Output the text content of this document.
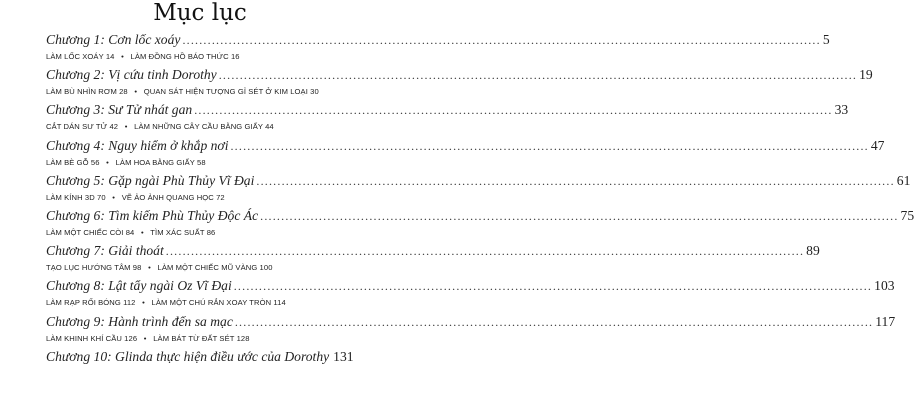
Mục lục
Chương 1: Cơn lốc xoáy ........................................................................................................................................................ 5
LÀM LỐC XOÁY 14   •   LÀM ĐỒNG HỒ BÁO THỨC 16
Chương 2: Vị cứu tinh Dorothy ........................................................................................................................................................ 19
LÀM BÙ NHÌN RƠM 28   •   QUAN SÁT HIỆN TƯỢNG GỈ SÉT Ở KIM LOẠI 30
Chương 3: Sư Tử nhát gan ........................................................................................................................................................ 33
CẮT DÁN SƯ TỬ 42   •   LÀM NHỮNG CÂY CẦU BẰNG GIẤY 44
Chương 4: Nguy hiểm ở khắp nơi ........................................................................................................................................................ 47
LÀM BÈ GỖ 56   •   LÀM HOA BẰNG GIẤY 58
Chương 5: Gặp ngài Phù Thủy Vĩ Đại ........................................................................................................................................................ 61
LÀM KÍNH 3D 70   •   VẼ ẢO ẢNH QUANG HỌC 72
Chương 6: Tìm kiếm Phù Thủy Độc Ác ........................................................................................................................................................ 75
LÀM MỘT CHIẾC CÒI 84   •   TÌM XÁC SUẤT 86
Chương 7: Giải thoát ........................................................................................................................................................ 89
TẠO LỤC HƯỚNG TÂM 98   •   LÀM MỘT CHIẾC MŨ VÀNG 100
Chương 8: Lật tẩy ngài Oz Vĩ Đại ........................................................................................................................................................ 103
LÀM RẠP RỐI BÓNG 112   •   LÀM MỘT CHÚ RẮN XOAY TRÒN 114
Chương 9: Hành trình đến sa mạc ........................................................................................................................................................ 117
LÀM KHINH KHÍ CẦU 126   •   LÀM BÁT TỪ ĐẤT SÉT 128
Chương 10: Glinda thực hiện điều ước của Dorothy 131
